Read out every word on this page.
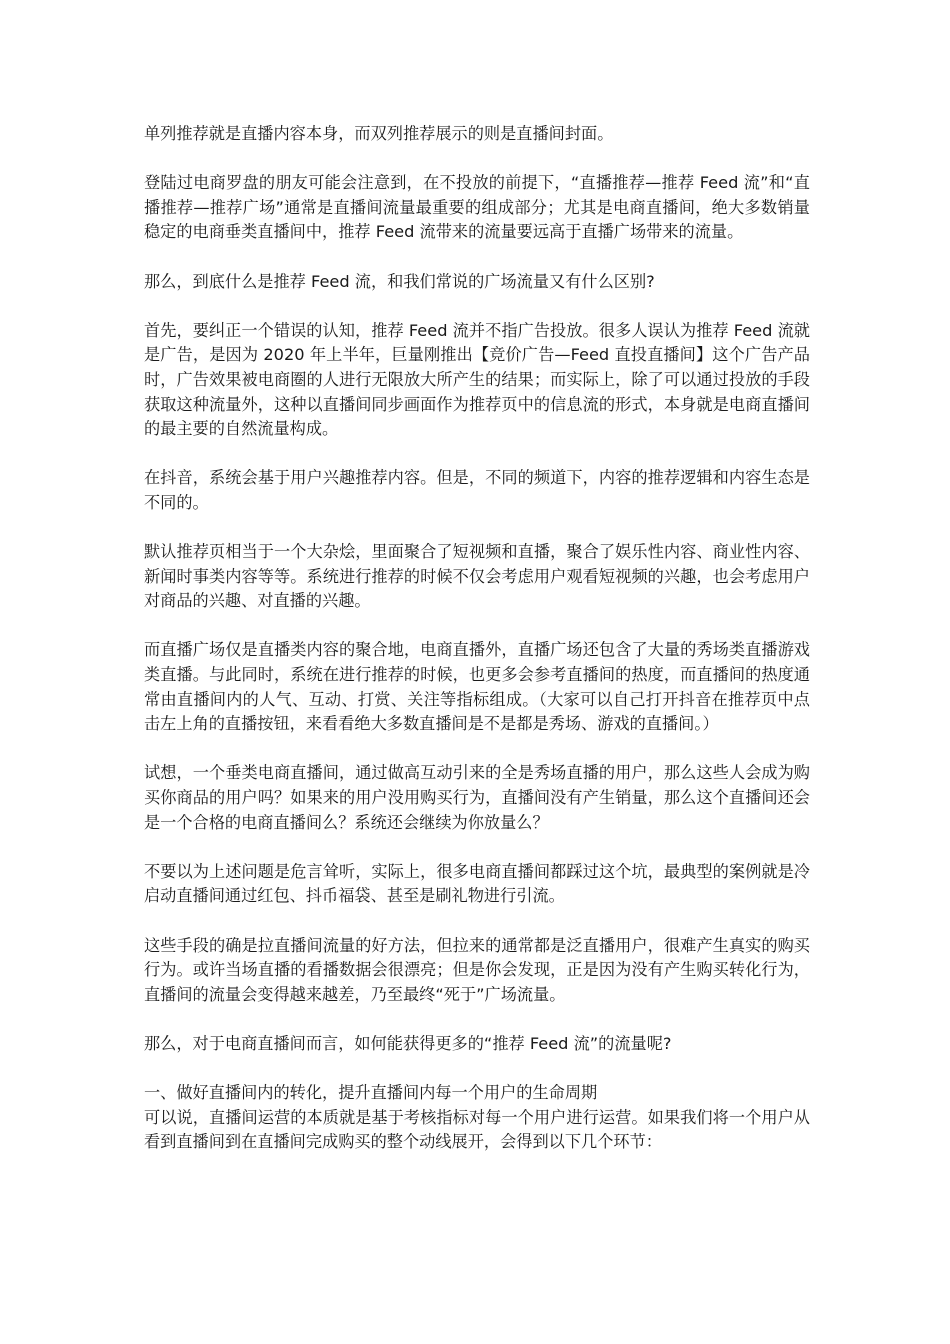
单列推荐就是直播内容本身，而双列推荐展示的则是直播间封面。

登陆过电商罗盘的朋友可能会注意到，在不投放的前提下，“直播推荐—推荐 Feed 流”和“直播推荐—推荐广场”通常是直播间流量最重要的组成部分；尤其是电商直播间，绝大多数销量稳定的电商垂类直播间中，推荐 Feed 流带来的流量要远高于直播广场带来的流量。

那么，到底什么是推荐 Feed 流，和我们常说的广场流量又有什么区别?

首先，要纠正一个错误的认知，推荐 Feed 流并不指广告投放。很多人误认为推荐 Feed 流就是广告，是因为 2020 年上半年，巨量刚推出【竞价广告—Feed 直投直播间】这个广告产品时，广告效果被电商圈的人进行无限放大所产生的结果；而实际上，除了可以通过投放的手段获取这种流量外，这种以直播间同步画面作为推荐页中的信息流的形式，本身就是电商直播间的最主要的自然流量构成。

在抖音，系统会基于用户兴趣推荐内容。但是，不同的频道下，内容的推荐逻辑和内容生态是不同的。

默认推荐页相当于一个大杂烩，里面聚合了短视频和直播，聚合了娱乐性内容、商业性内容、新闻时事类内容等等。系统进行推荐的时候不仅会考虑用户观看短视频的兴趣，也会考虑用户对商品的兴趣、对直播的兴趣。

而直播广场仅是直播类内容的聚合地，电商直播外，直播广场还包含了大量的秀场类直播游戏类直播。与此同时，系统在进行推荐的时候，也更多会参考直播间的热度，而直播间的热度通常由直播间内的人气、互动、打赏、关注等指标组成。（大家可以自己打开抖音在推荐页中点击左上角的直播按钮，来看看绝大多数直播间是不是都是秀场、游戏的直播间。）

试想，一个垂类电商直播间，通过做高互动引来的全是秀场直播的用户，那么这些人会成为购买你商品的用户吗？如果来的用户没用购买行为，直播间没有产生销量，那么这个直播间还会是一个合格的电商直播间么？系统还会继续为你放量么？

不要以为上述问题是危言耸听，实际上，很多电商直播间都踩过这个坑，最典型的案例就是冷启动直播间通过红包、抖币福袋、甚至是刷礼物进行引流。

这些手段的确是拉直播间流量的好方法，但拉来的通常都是泛直播用户，很难产生真实的购买行为。或许当场直播的看播数据会很漂亮；但是你会发现，正是因为没有产生购买转化行为，直播间的流量会变得越来越差，乃至最终“死于”广场流量。

那么，对于电商直播间而言，如何能获得更多的“推荐 Feed 流”的流量呢?

一、做好直播间内的转化，提升直播间内每一个用户的生命周期

可以说，直播间运营的本质就是基于考核指标对每一个用户进行运营。如果我们将一个用户从看到直播间到在直播间完成购买的整个动线展开，会得到以下几个环节：
